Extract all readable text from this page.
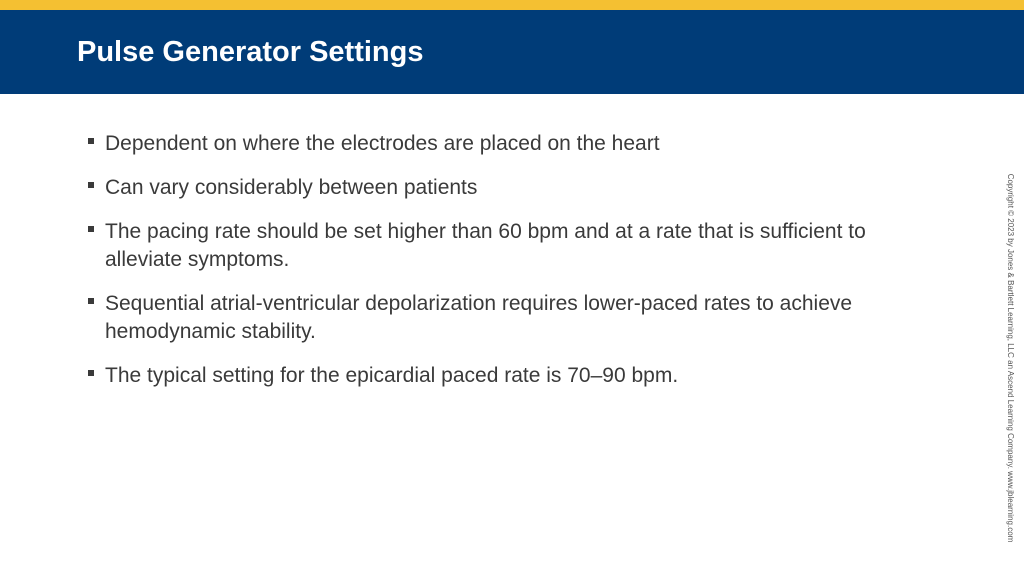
Pulse Generator Settings
Dependent on where the electrodes are placed on the heart
Can vary considerably between patients
The pacing rate should be set higher than 60 bpm and at a rate that is sufficient to alleviate symptoms.
Sequential atrial-ventricular depolarization requires lower-paced rates to achieve hemodynamic stability.
The typical setting for the epicardial paced rate is 70–90 bpm.	Copyright © 2023 by Jones & Bartlett Learning, LLC an Ascend Learning Company. www.jblearning.com
